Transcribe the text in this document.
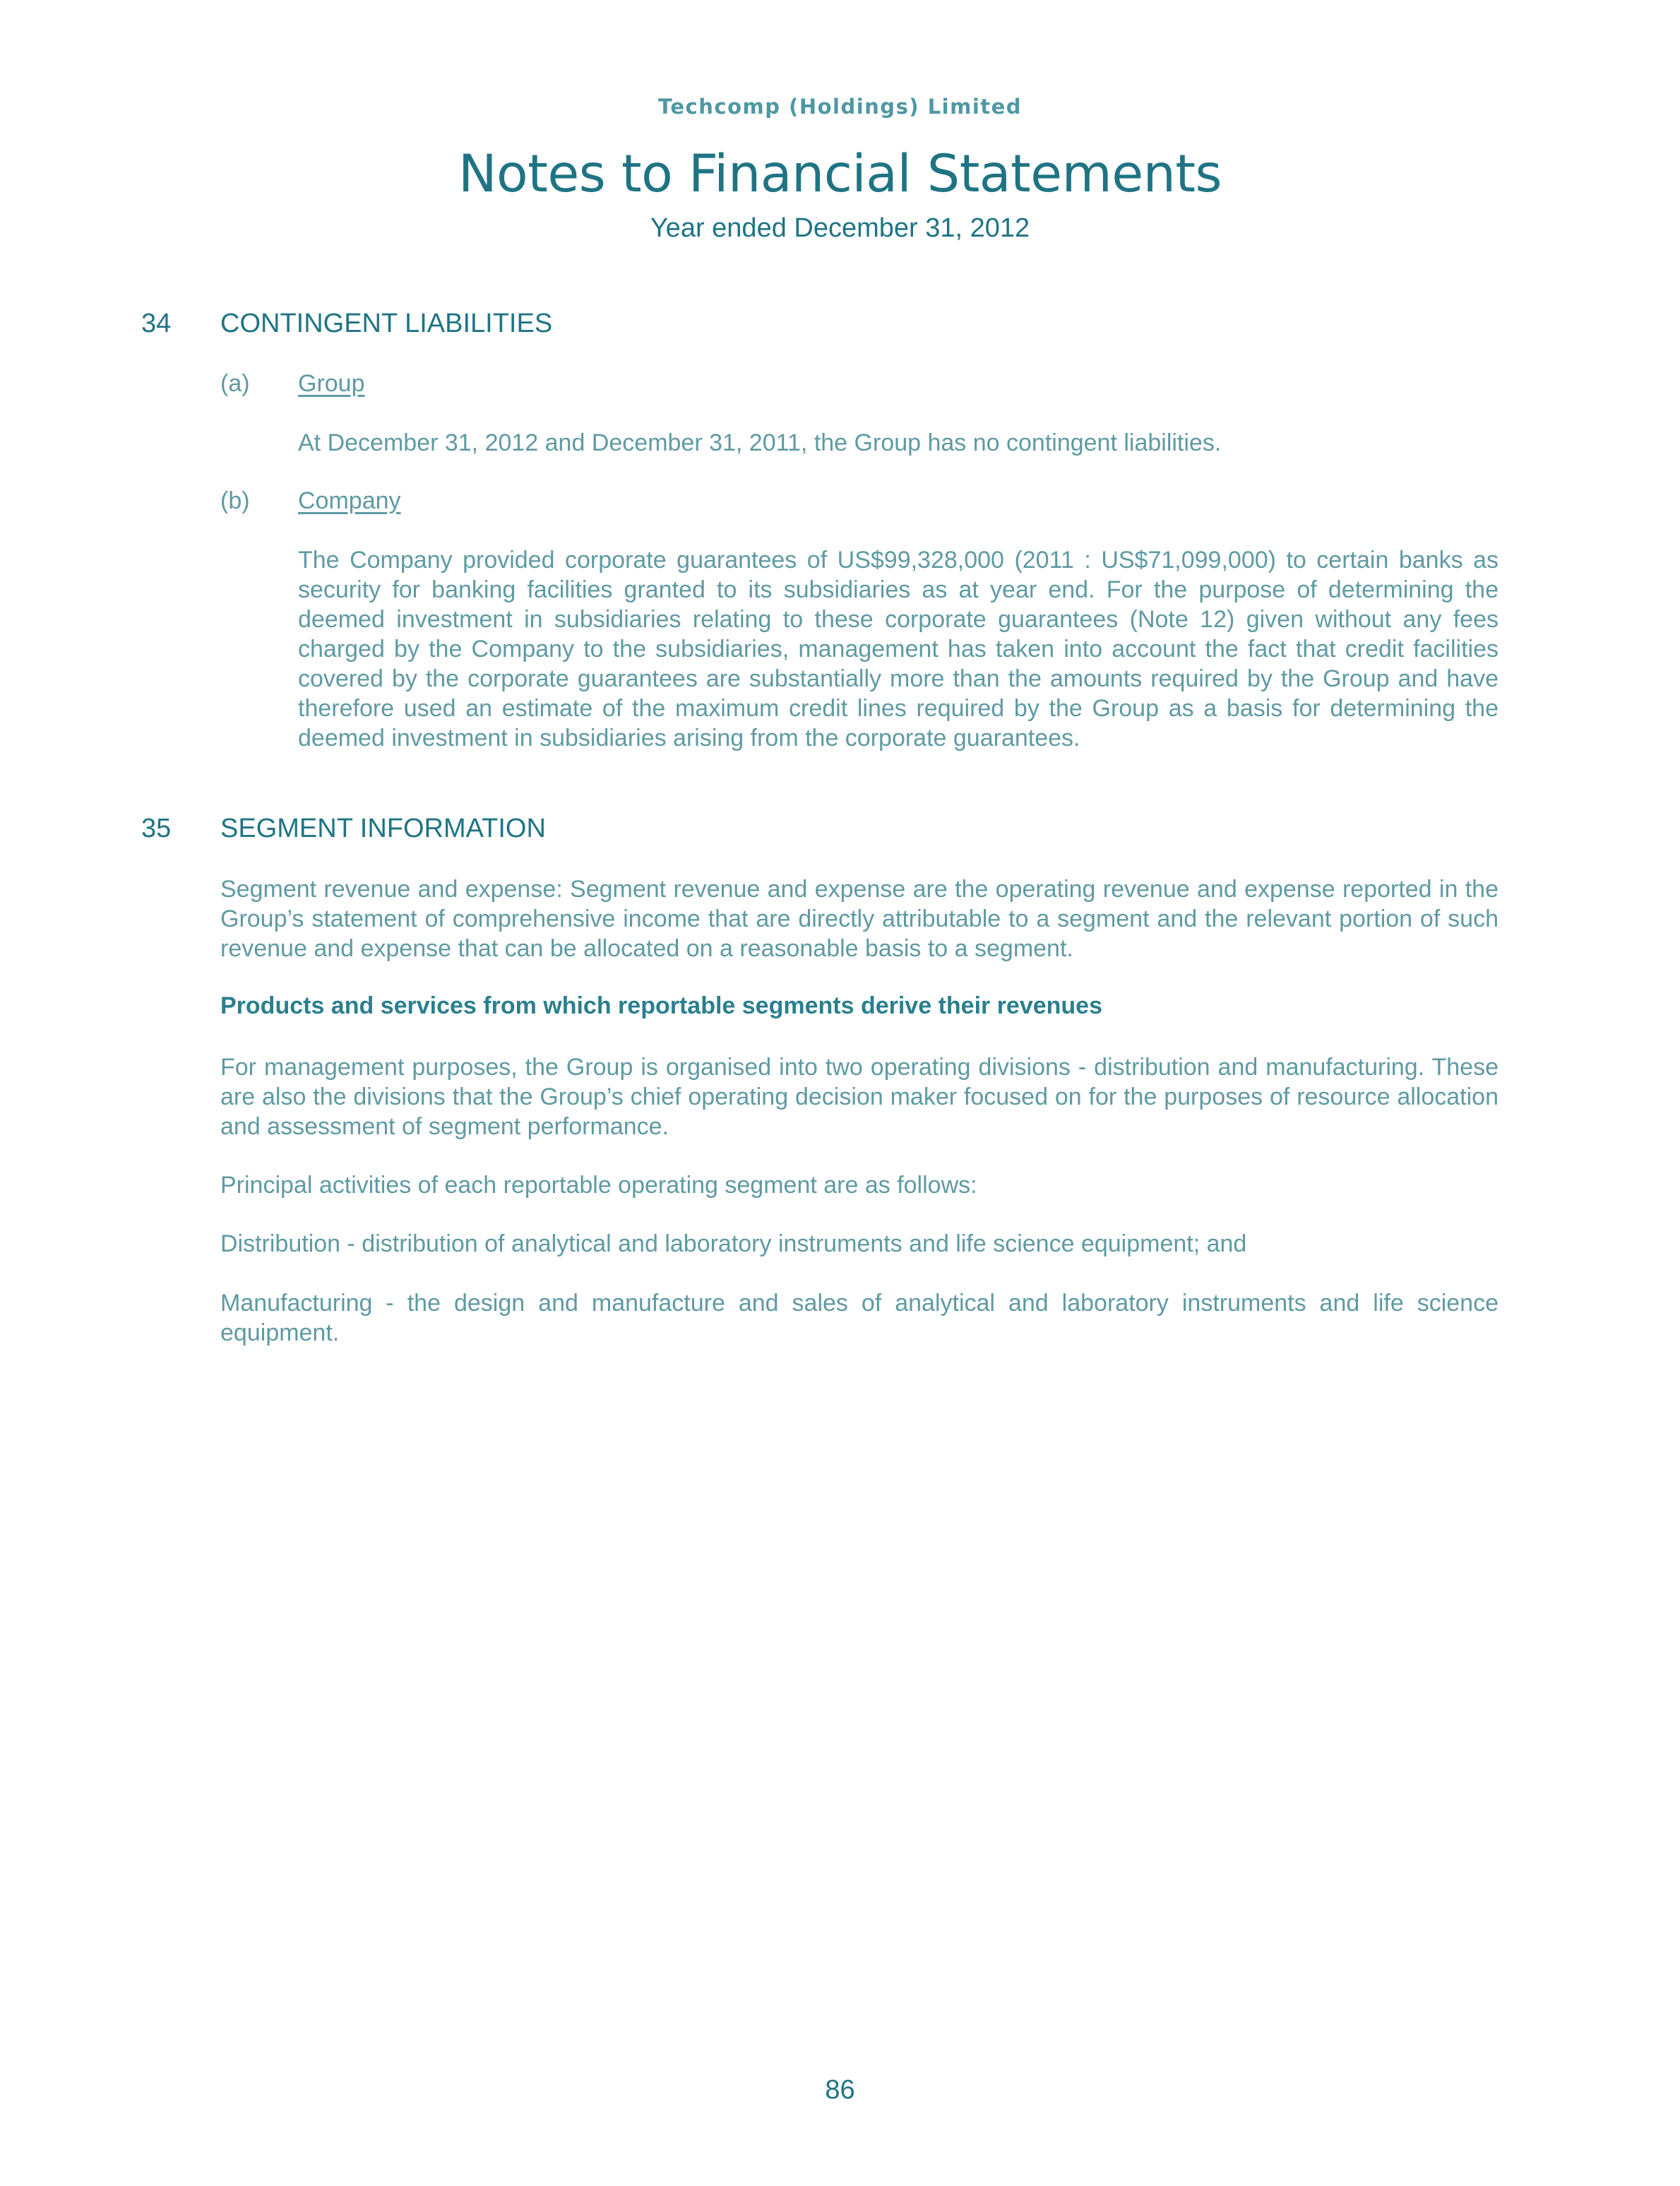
Techcomp (Holdings) Limited
Notes to Financial Statements
Year ended December 31, 2012
34 CONTINGENT LIABILITIES
(a) Group
At December 31, 2012 and December 31, 2011, the Group has no contingent liabilities.
(b) Company
The Company provided corporate guarantees of US$99,328,000 (2011 : US$71,099,000) to certain banks as security for banking facilities granted to its subsidiaries as at year end. For the purpose of determining the deemed investment in subsidiaries relating to these corporate guarantees (Note 12) given without any fees charged by the Company to the subsidiaries, management has taken into account the fact that credit facilities covered by the corporate guarantees are substantially more than the amounts required by the Group and have therefore used an estimate of the maximum credit lines required by the Group as a basis for determining the deemed investment in subsidiaries arising from the corporate guarantees.
35 SEGMENT INFORMATION
Segment revenue and expense: Segment revenue and expense are the operating revenue and expense reported in the Group’s statement of comprehensive income that are directly attributable to a segment and the relevant portion of such revenue and expense that can be allocated on a reasonable basis to a segment.
Products and services from which reportable segments derive their revenues
For management purposes, the Group is organised into two operating divisions - distribution and manufacturing. These are also the divisions that the Group’s chief operating decision maker focused on for the purposes of resource allocation and assessment of segment performance.
Principal activities of each reportable operating segment are as follows:
Distribution - distribution of analytical and laboratory instruments and life science equipment; and
Manufacturing - the design and manufacture and sales of analytical and laboratory instruments and life science equipment.
86
